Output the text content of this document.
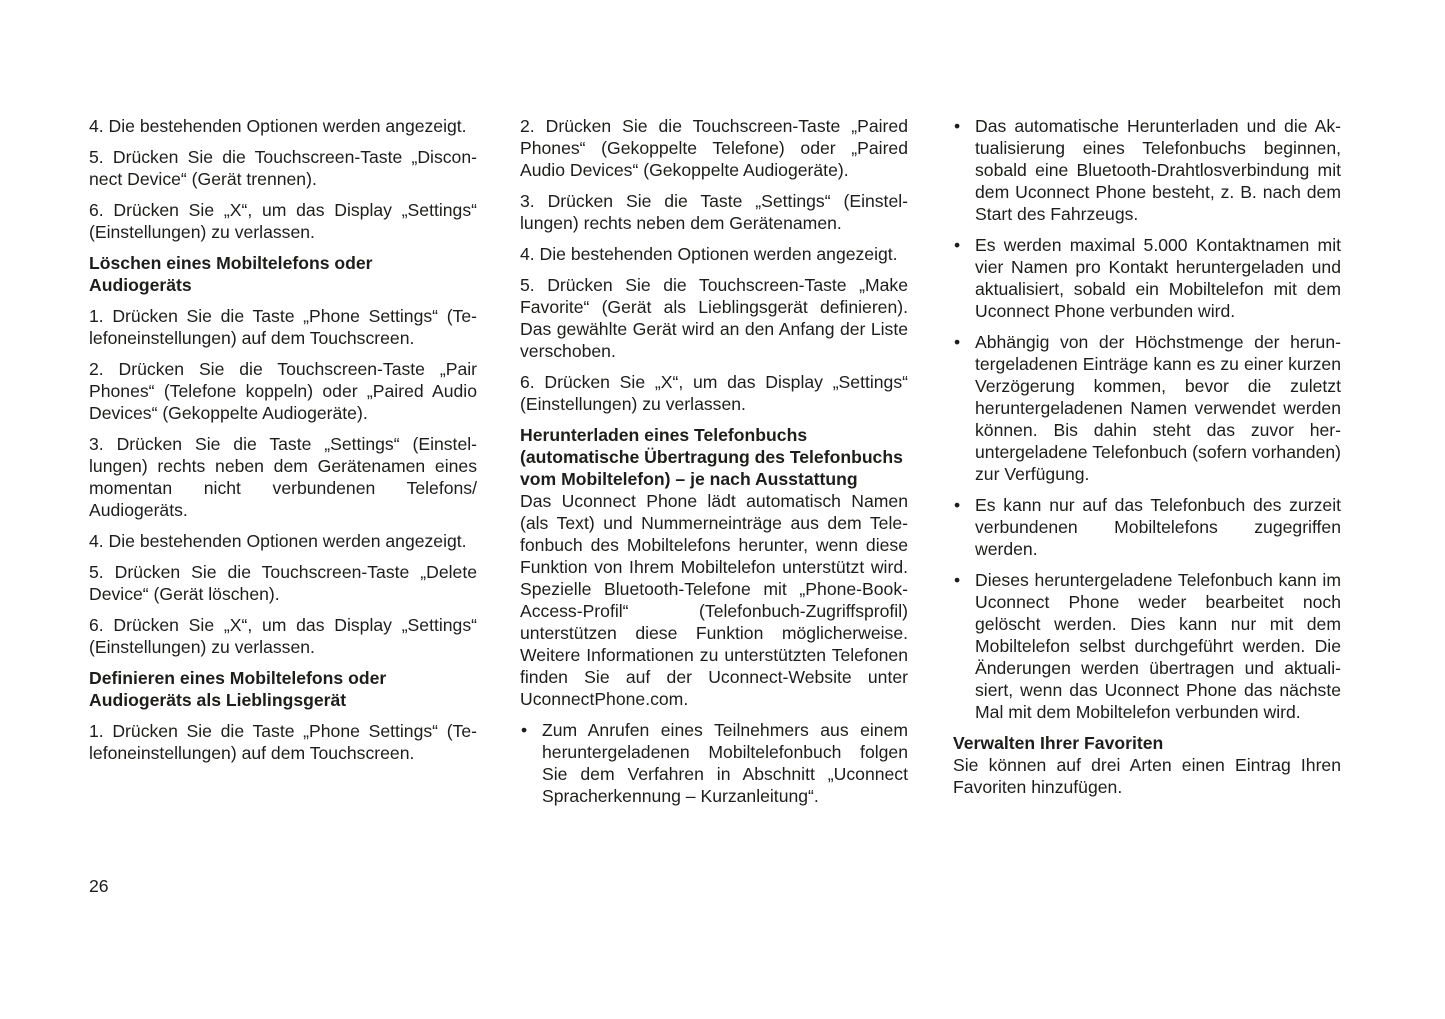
4. Die bestehenden Optionen werden angezeigt.

5. Drücken Sie die Touchscreen-Taste „Disconnect Device“ (Gerät trennen).

6. Drücken Sie „X“, um das Display „Settings“ (Einstellungen) zu verlassen.

Löschen eines Mobiltelefons oder Audiogeräts

1. Drücken Sie die Taste „Phone Settings“ (Telefoneinstellungen) auf dem Touchscreen.

2. Drücken Sie die Touchscreen-Taste „Pair Phones“ (Telefone koppeln) oder „Paired Audio Devices“ (Gekoppelte Audiogeräte).

3. Drücken Sie die Taste „Settings“ (Einstellungen) rechts neben dem Gerätenamen eines momentan nicht verbundenen Telefons/ Audiogeräts.

4. Die bestehenden Optionen werden angezeigt.

5. Drücken Sie die Touchscreen-Taste „Delete Device“ (Gerät löschen).

6. Drücken Sie „X“, um das Display „Settings“ (Einstellungen) zu verlassen.

Definieren eines Mobiltelefons oder Audiogeräts als Lieblingsgerät

1. Drücken Sie die Taste „Phone Settings“ (Telefoneinstellungen) auf dem Touchscreen.

2. Drücken Sie die Touchscreen-Taste „Paired Phones“ (Gekoppelte Telefone) oder „Paired Audio Devices“ (Gekoppelte Audiogeräte).

3. Drücken Sie die Taste „Settings“ (Einstellungen) rechts neben dem Gerätenamen.

4. Die bestehenden Optionen werden angezeigt.

5. Drücken Sie die Touchscreen-Taste „Make Favorite“ (Gerät als Lieblingsgerät definieren). Das gewählte Gerät wird an den Anfang der Liste verschoben.

6. Drücken Sie „X“, um das Display „Settings“ (Einstellungen) zu verlassen.

Herunterladen eines Telefonbuchs (automatische Übertragung des Telefonbuchs vom Mobiltelefon) – je nach Ausstattung

Das Uconnect Phone lädt automatisch Namen (als Text) und Nummerneinträge aus dem Telefonbuch des Mobiltelefons herunter, wenn diese Funktion von Ihrem Mobiltelefon unterstützt wird. Spezielle Bluetooth-Telefone mit „Phone-Book-Access-Profil“ (Telefonbuch-Zugriffsprofil) unterstützen diese Funktion möglicherweise. Weitere Informationen zu unterstützten Telefonen finden Sie auf der Uconnect-Website unter UconnectPhone.com.

• Zum Anrufen eines Teilnehmers aus einem heruntergeladenen Mobiltelefonbuch folgen Sie dem Verfahren in Abschnitt „Uconnect Spracherkennung – Kurzanleitung“.
• Das automatische Herunterladen und die Aktualisierung eines Telefonbuchs beginnen, sobald eine Bluetooth-Drahtlosverbindung mit dem Uconnect Phone besteht, z. B. nach dem Start des Fahrzeugs.
• Es werden maximal 5.000 Kontaktnamen mit vier Namen pro Kontakt heruntergeladen und aktualisiert, sobald ein Mobiltelefon mit dem Uconnect Phone verbunden wird.
• Abhängig von der Höchstmenge der heruntergeladenen Einträge kann es zu einer kurzen Verzögerung kommen, bevor die zuletzt heruntergeladenen Namen verwendet werden können. Bis dahin steht das zuvor heruntergeladene Telefonbuch (sofern vorhanden) zur Verfügung.
• Es kann nur auf das Telefonbuch des zurzeit verbundenen Mobiltelefons zugegriffen werden.
• Dieses heruntergeladene Telefonbuch kann im Uconnect Phone weder bearbeitet noch gelöscht werden. Dies kann nur mit dem Mobiltelefon selbst durchgeführt werden. Die Änderungen werden übertragen und aktualisiert, wenn das Uconnect Phone das nächste Mal mit dem Mobiltelefon verbunden wird.
Verwalten Ihrer Favoriten

Sie können auf drei Arten einen Eintrag Ihren Favoriten hinzufügen.

26
